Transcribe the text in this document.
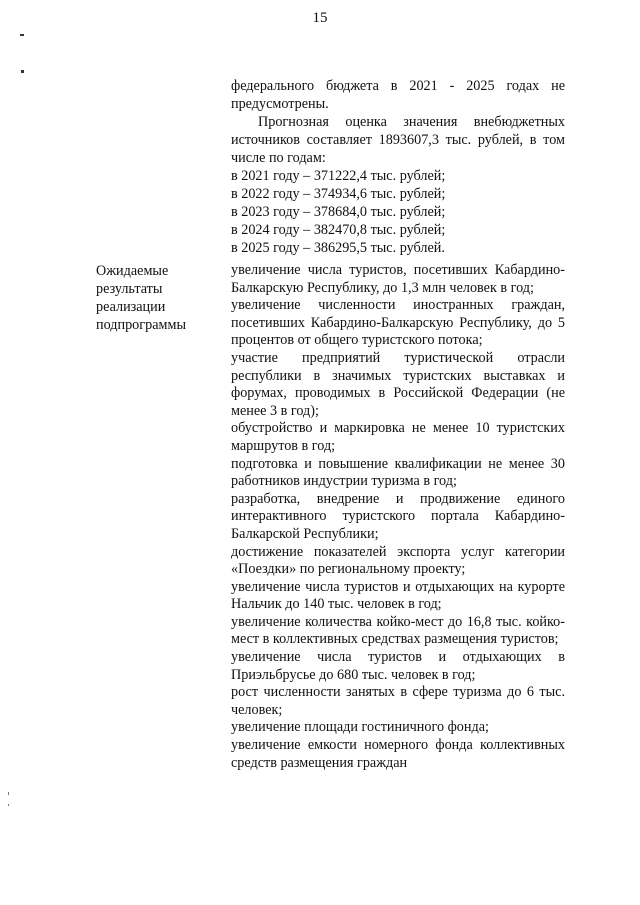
15
федерального бюджета в 2021 - 2025 годах не предусмотрены.
Прогнозная оценка значения внебюджетных источников составляет 1893607,3 тыс. рублей, в том числе по годам:
в 2021 году – 371222,4 тыс. рублей;
в 2022 году – 374934,6 тыс. рублей;
в 2023 году – 378684,0 тыс. рублей;
в 2024 году – 382470,8 тыс. рублей;
в 2025 году – 386295,5 тыс. рублей.
Ожидаемые
результаты
реализации
подпрограммы
увеличение числа туристов, посетивших Кабардино-Балкарскую Республику, до 1,3 млн человек в год;
увеличение численности иностранных граждан, посетивших Кабардино-Балкарскую Республику, до 5 процентов от общего туристского потока;
участие предприятий туристической отрасли республики в значимых туристских выставках и форумах, проводимых в Российской Федерации (не менее 3 в год);
обустройство и маркировка не менее 10 туристских маршрутов в год;
подготовка и повышение квалификации не менее 30 работников индустрии туризма в год;
разработка, внедрение и продвижение единого интерактивного туристского портала Кабардино-Балкарской Республики;
достижение показателей экспорта услуг категории «Поездки» по региональному проекту;
увеличение числа туристов и отдыхающих на курорте Нальчик до 140 тыс. человек в год;
увеличение количества койко-мест до 16,8 тыс. койко-мест в коллективных средствах размещения туристов;
увеличение числа туристов и отдыхающих в Приэльбрусье до 680 тыс. человек в год;
рост численности занятых в сфере туризма до 6 тыс. человек;
увеличение площади гостиничного фонда;
увеличение емкости номерного фонда коллективных средств размещения граждан
